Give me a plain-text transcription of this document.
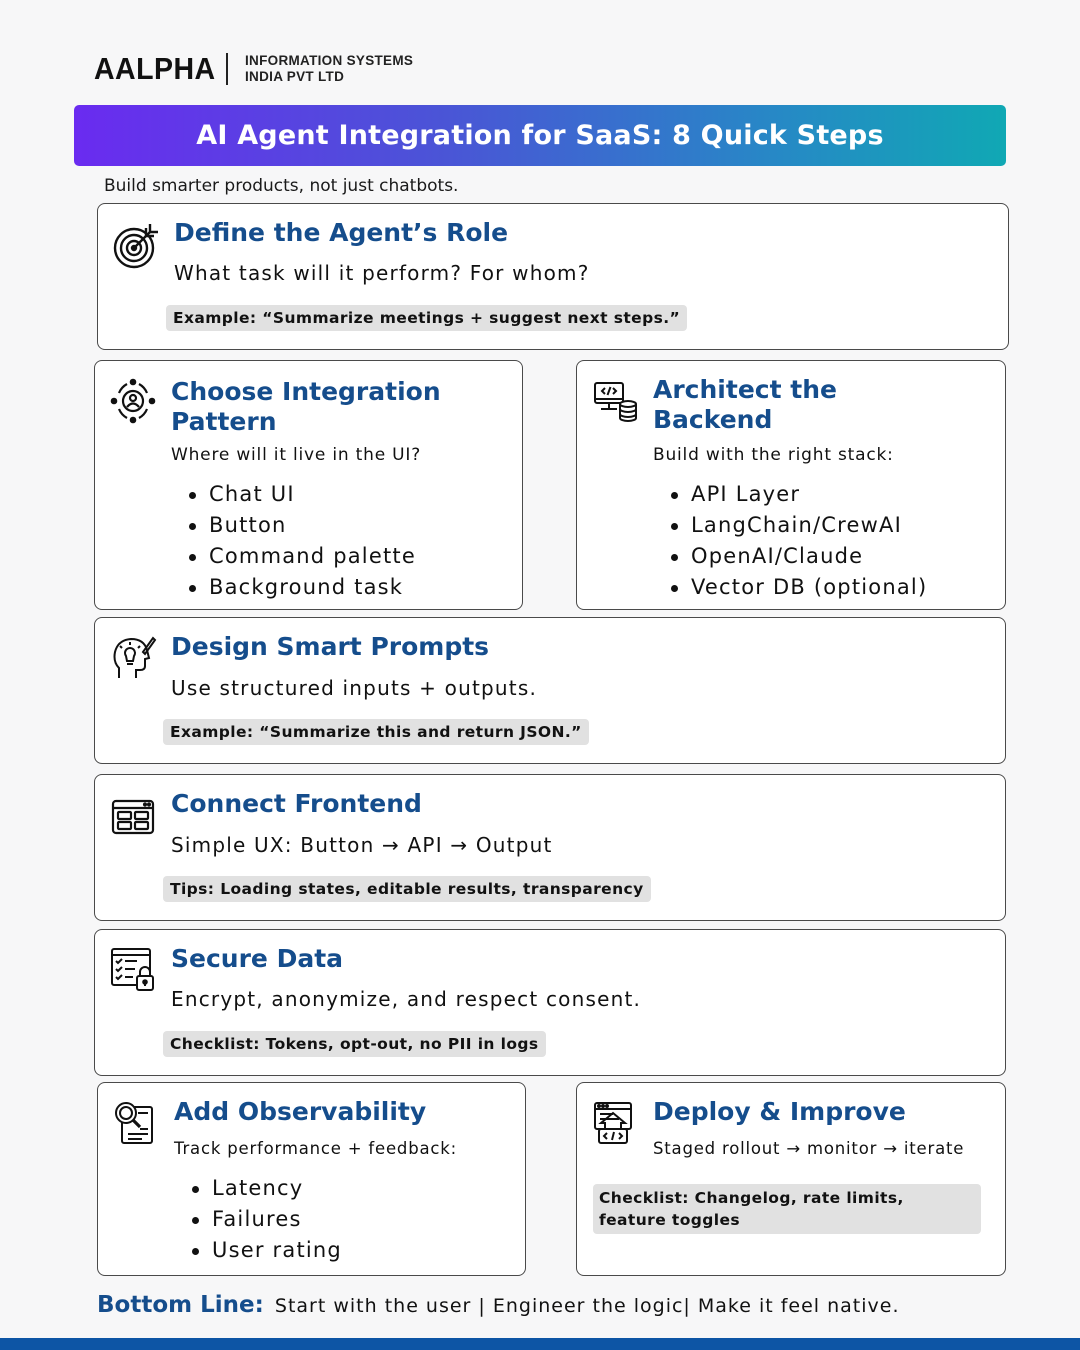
AALPHA INFORMATION SYSTEMS
INDIA PVT LTD
AI Agent Integration for SaaS: 8 Quick Steps
Build smarter products, not just chatbots.
Define the Agent’s Role
What task will it perform? For whom?
Example: “Summarize meetings + suggest next steps.”
Choose Integration
Pattern
Where will it live in the UI?
Chat UI
Button
Command palette
Background task
Architect the
Backend
Build with the right stack:
API Layer
LangChain/CrewAI
OpenAI/Claude
Vector DB (optional)
Design Smart Prompts
Use structured inputs + outputs.
Example: “Summarize this and return JSON.”
Connect Frontend
Simple UX: Button → API → Output
Tips: Loading states, editable results, transparency
Secure Data
Encrypt, anonymize, and respect consent.
Checklist: Tokens, opt-out, no PII in logs
Add Observability
Track performance + feedback:
Latency
Failures
User rating
Deploy & Improve
Staged rollout → monitor → iterate
Checklist: Changelog, rate limits, feature toggles
Bottom Line: Start with the user | Engineer the logic| Make it feel native.
